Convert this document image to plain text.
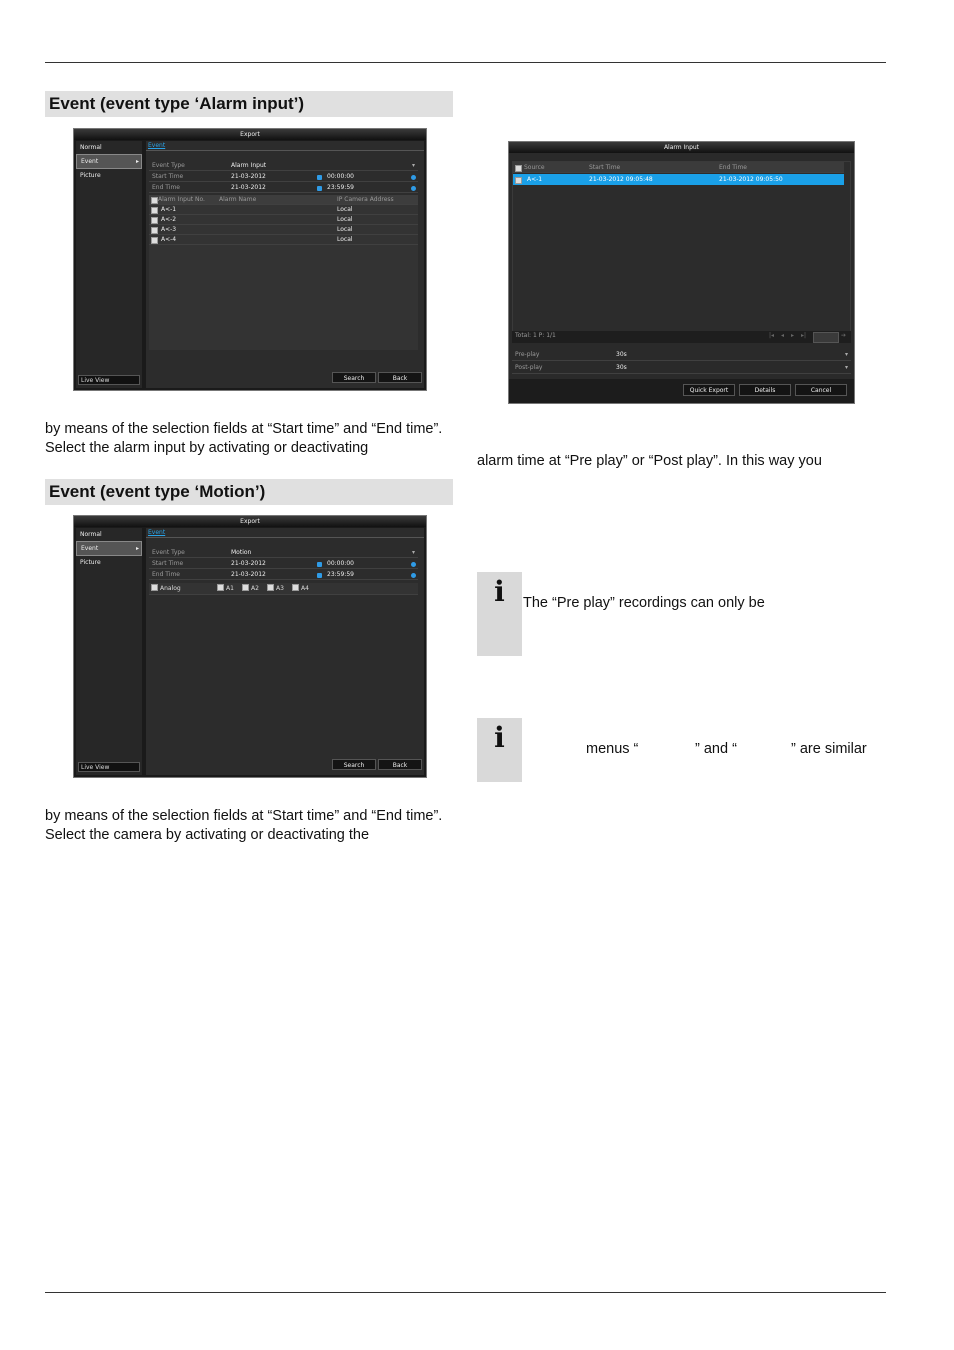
Event (event type ‘Alarm input’)
Export
Normal
Event	▸
Picture
Live View
Event
Event Type	Alarm Input	▾
Start Time	21-03-2012	00:00:00
End Time	21-03-2012	23:59:59
Alarm Input No. Alarm Name	IP Camera Address
A<-1	Local
A<-2	Local
A<-3	Local
A<-4	Local
Search	Back
by means of the selection fields at “Start time” and “End time”. Select the alarm input by activating or deactivating
Event (event type ‘Motion’)
Export
Normal
Event	▸
Picture
Live View
Event
Event Type	Motion	▾
Start Time	21-03-2012	00:00:00
End Time	21-03-2012	23:59:59
Analog	A1	A2	A3	A4
Search	Back
by means of the selection fields at “Start time” and “End time”. Select the camera by activating or deactivating the
Alarm Input
Source	Start Time	End Time
A<-1	21-03-2012 09:05:48	21-03-2012 09:05:50
Total: 1 P: 1/1	|◂ ◂ ▸ ▸|	➔
Pre-play	30s	▾
Post-play	30s	▾
Quick Export	Details	Cancel
alarm time at “Pre play” or “Post play”. In this way you
i	The “Pre play” recordings can only be
i	menus “	” and “	” are similar
